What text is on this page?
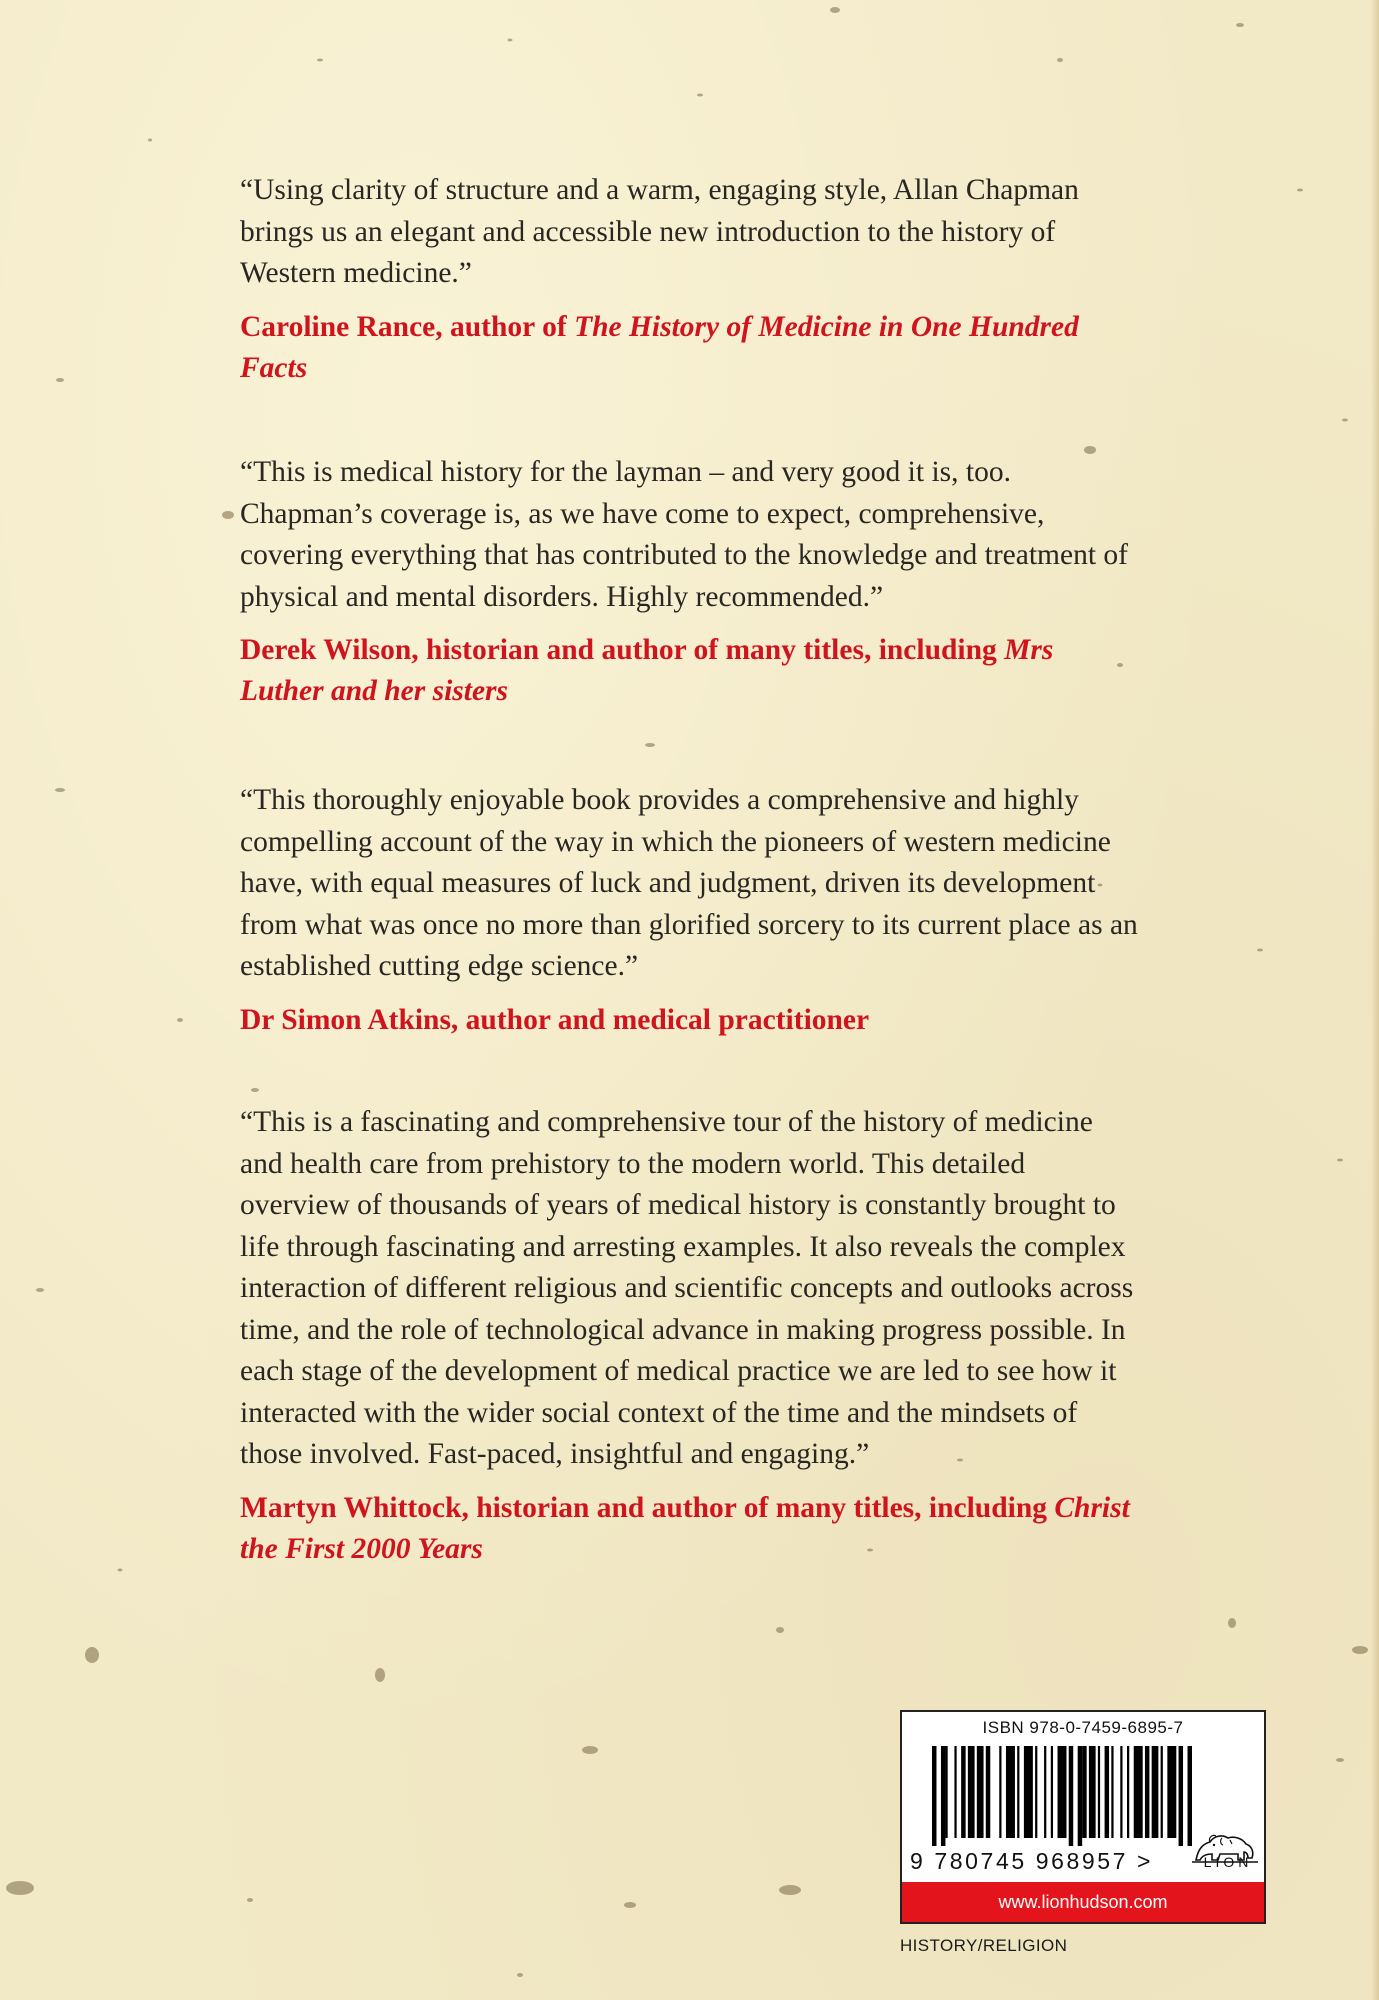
“Using clarity of structure and a warm, engaging style, Allan Chapman brings us an elegant and accessible new introduction to the history of Western medicine.”

Caroline Rance, author of The History of Medicine in One Hundred Facts

“This is medical history for the layman – and very good it is, too. Chapman’s coverage is, as we have come to expect, comprehensive, covering everything that has contributed to the knowledge and treatment of physical and mental disorders. Highly recommended.”

Derek Wilson, historian and author of many titles, including Mrs Luther and her sisters

“This thoroughly enjoyable book provides a comprehensive and highly compelling account of the way in which the pioneers of western medicine have, with equal measures of luck and judgment, driven its development from what was once no more than glorified sorcery to its current place as an established cutting edge science.”

Dr Simon Atkins, author and medical practitioner

“This is a fascinating and comprehensive tour of the history of medicine and health care from prehistory to the modern world. This detailed overview of thousands of years of medical history is constantly brought to life through fascinating and arresting examples. It also reveals the complex interaction of different religious and scientific concepts and outlooks across time, and the role of technological advance in making progress possible. In each stage of the development of medical practice we are led to see how it interacted with the wider social context of the time and the mindsets of those involved. Fast-paced, insightful and engaging.”

Martyn Whittock, historian and author of many titles, including Christ the First 2000 Years

ISBN 978-0-7459-6895-7
9 780745 968957 >	LION
www.lionhudson.com
HISTORY/RELIGION
